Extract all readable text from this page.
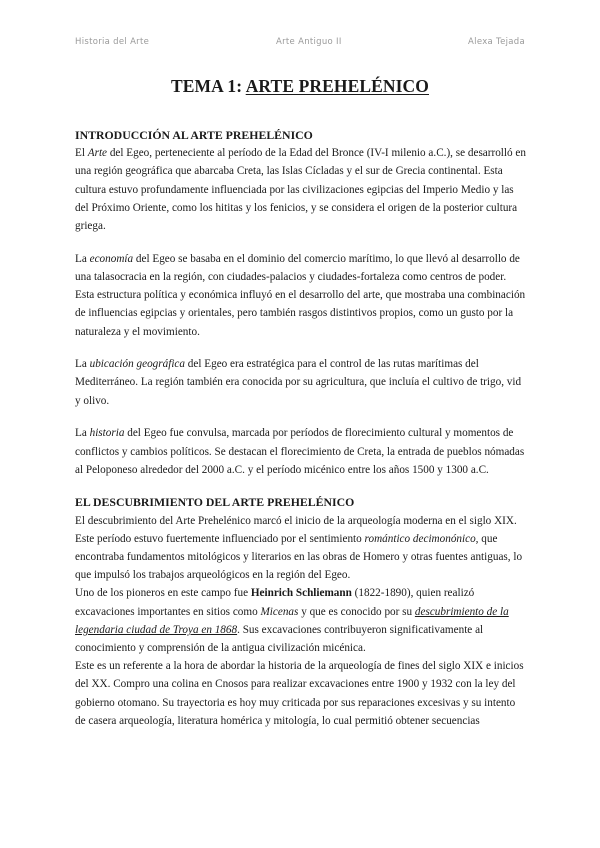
Historia del Arte	Arte Antiguo II	Alexa Tejada
TEMA 1: ARTE PREHELÉNICO

INTRODUCCIÓN AL ARTE PREHELÉNICO

El Arte del Egeo, perteneciente al período de la Edad del Bronce (IV-I milenio a.C.), se desarrolló en una región geográfica que abarcaba Creta, las Islas Cícladas y el sur de Grecia continental. Esta cultura estuvo profundamente influenciada por las civilizaciones egipcias del Imperio Medio y las del Próximo Oriente, como los hititas y los fenicios, y se considera el origen de la posterior cultura griega.

La economía del Egeo se basaba en el dominio del comercio marítimo, lo que llevó al desarrollo de una talasocracia en la región, con ciudades-palacios y ciudades-fortaleza como centros de poder. Esta estructura política y económica influyó en el desarrollo del arte, que mostraba una combinación de influencias egipcias y orientales, pero también rasgos distintivos propios, como un gusto por la naturaleza y el movimiento.

La ubicación geográfica del Egeo era estratégica para el control de las rutas marítimas del Mediterráneo. La región también era conocida por su agricultura, que incluía el cultivo de trigo, vid y olivo.

La historia del Egeo fue convulsa, marcada por períodos de florecimiento cultural y momentos de conflictos y cambios políticos. Se destacan el florecimiento de Creta, la entrada de pueblos nómadas al Peloponeso alrededor del 2000 a.C. y el período micénico entre los años 1500 y 1300 a.C.

EL DESCUBRIMIENTO DEL ARTE PREHELÉNICO

El descubrimiento del Arte Prehelénico marcó el inicio de la arqueología moderna en el siglo XIX. Este período estuvo fuertemente influenciado por el sentimiento romántico decimonónico, que encontraba fundamentos mitológicos y literarios en las obras de Homero y otras fuentes antiguas, lo que impulsó los trabajos arqueológicos en la región del Egeo.

Uno de los pioneros en este campo fue Heinrich Schliemann (1822-1890), quien realizó excavaciones importantes en sitios como Micenas y que es conocido por su descubrimiento de la legendaria ciudad de Troya en 1868. Sus excavaciones contribuyeron significativamente al conocimiento y comprensión de la antigua civilización micénica.

Este es un referente a la hora de abordar la historia de la arqueología de fines del siglo XIX e inicios del XX. Compro una colina en Cnosos para realizar excavaciones entre 1900 y 1932 con la ley del gobierno otomano. Su trayectoria es hoy muy criticada por sus reparaciones excesivas y su intento de casera arqueología, literatura homérica y mitología, lo cual permitió obtener secuencias
